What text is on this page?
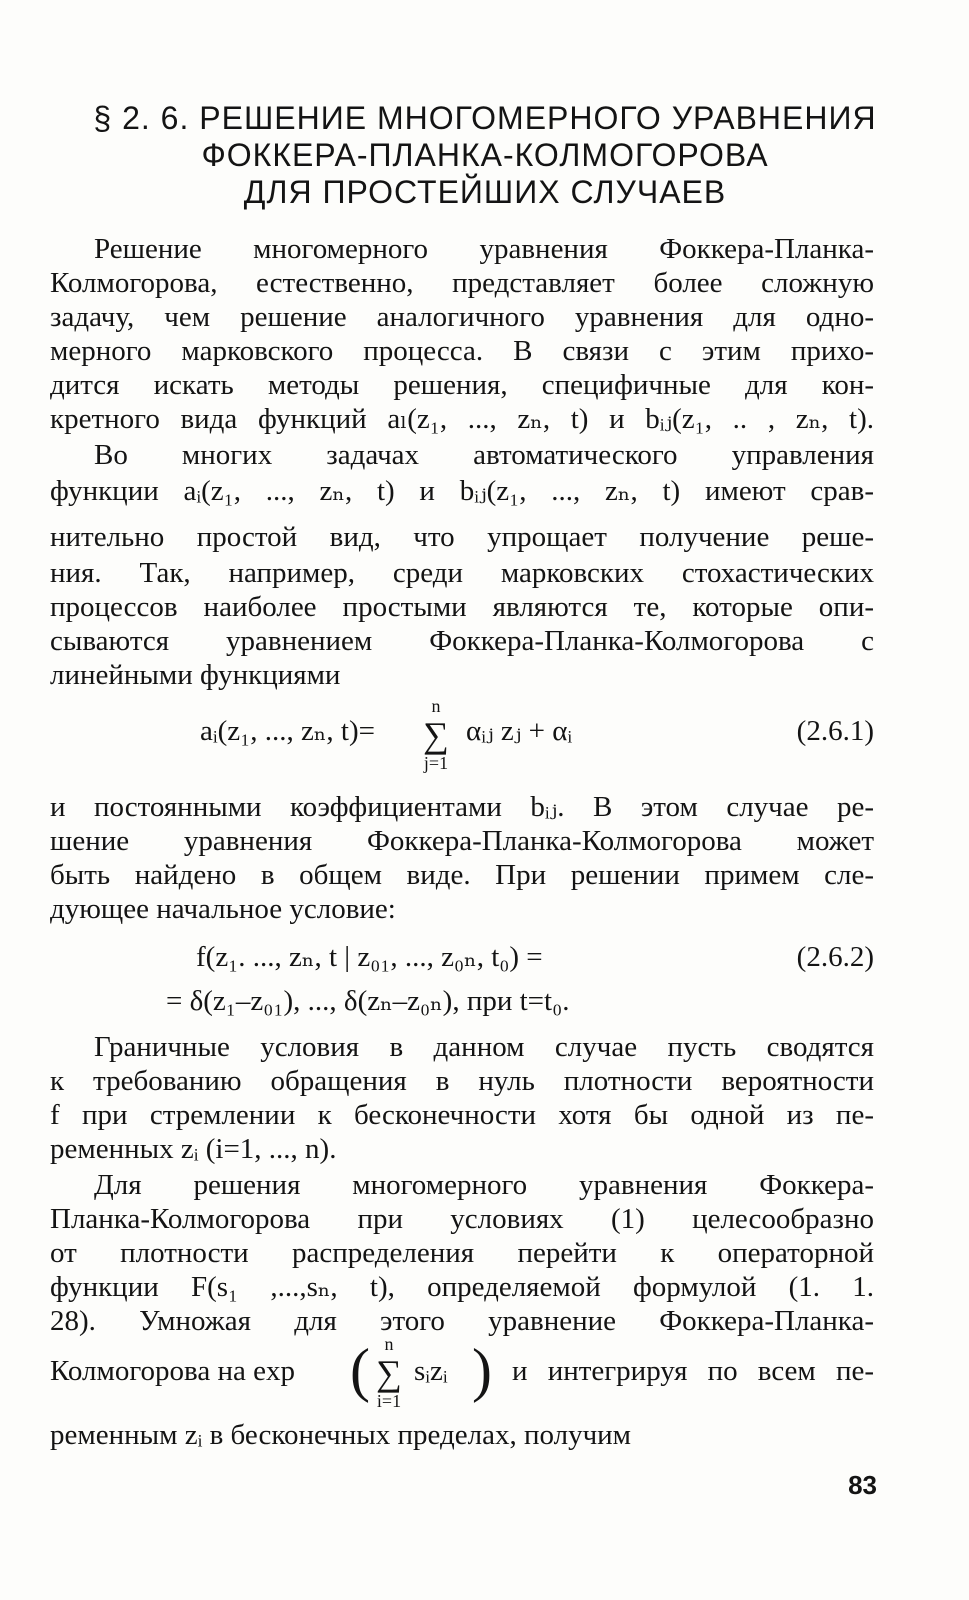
§ 2. 6. РЕШЕНИЕ МНОГОМЕРНОГО УРАВНЕНИЯ
ФОККЕРА-ПЛАНКА-КОЛМОГОРОВА
ДЛЯ ПРОСТЕЙШИХ СЛУЧАЕВ
Решение многомерного уравнения Фоккера-Планка-
Колмогорова, естественно, представляет более сложную
задачу, чем решение аналогичного уравнения для одно-
мерного марковского процесса. В связи с этим прихо-
дится искать методы решения, специфичные для кон-
кретного вида функций aₗ(z₁, ..., zₙ, t) и bᵢⱼ(z₁, .. , zₙ, t).
Во многих задачах автоматического управления
функции aᵢ(z₁, ..., zₙ, t) и bᵢⱼ(z₁, ..., zₙ, t) имеют срав-
нительно простой вид, что упрощает получение реше-
ния. Так, например, среди марковских стохастических
процессов наиболее простыми являются те, которые опи-
сываются уравнением Фоккера-Планка-Колмогорова с
линейными функциями
aᵢ(z₁, ..., zₙ, t)=
n
∑
j=1
αᵢⱼ zⱼ + αᵢ	(2.6.1)
и постоянными коэффициентами bᵢⱼ. В этом случае ре-
шение уравнения Фоккера-Планка-Колмогорова может
быть найдено в общем виде. При решении примем сле-
дующее начальное условие:
f(z₁. ..., zₙ, t | z₀₁, ..., z₀ₙ, t₀) =	(2.6.2)
= δ(z₁–z₀₁), ..., δ(zₙ–z₀ₙ), при t=t₀.
Граничные условия в данном случае пусть сводятся
к требованию обращения в нуль плотности вероятности
f при стремлении к бесконечности хотя бы одной из пе-
ременных zᵢ (i=1, ..., n).
Для решения многомерного уравнения Фоккера-
Планка-Колмогорова при условиях (1) целесообразно
от плотности распределения перейти к операторной
функции F(s₁ ,...,sₙ, t), определяемой формулой (1. 1.
28). Умножая для этого уравнение Фоккера-Планка-
Колмогорова на exp ( n
∑
i=1
sᵢzᵢ ) и интегрируя по всем пе-
ременным zᵢ в бесконечных пределах, получим
83
